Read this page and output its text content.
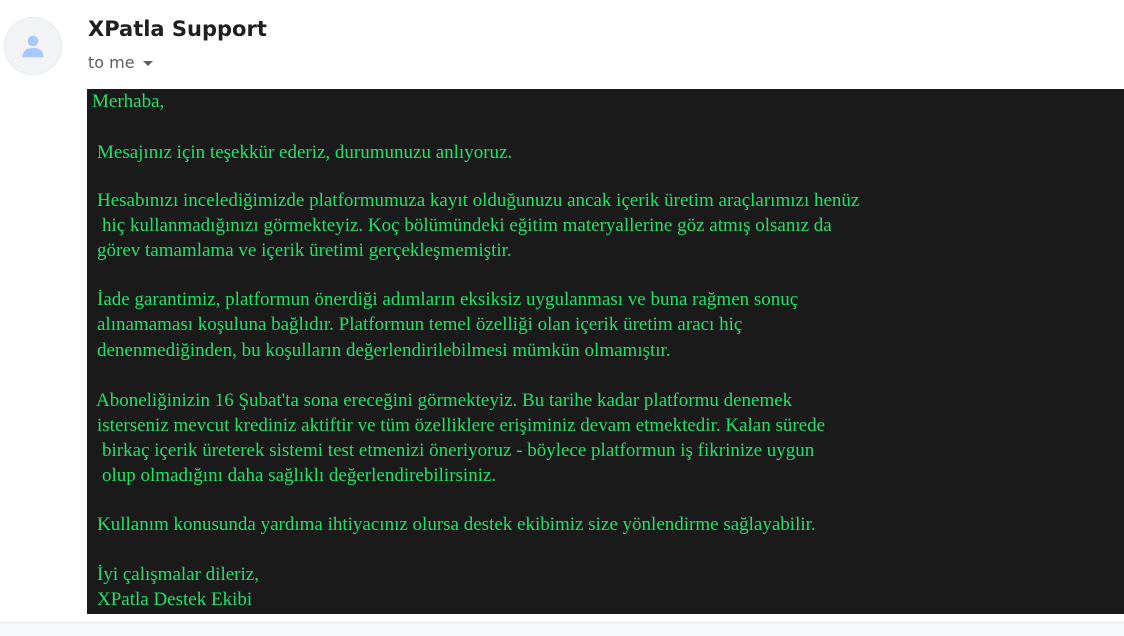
XPatla Support
to me
Merhaba,
Mesajınız için teşekkür ederiz, durumunuzu anlıyoruz.
Hesabınızı incelediğimizde platformumuza kayıt olduğunuzu ancak içerik üretim araçlarımızı henüz
hiç kullanmadığınızı görmekteyiz. Koç bölümündeki eğitim materyallerine göz atmış olsanız da
görev tamamlama ve içerik üretimi gerçekleşmemiştir.
İade garantimiz, platformun önerdiği adımların eksiksiz uygulanması ve buna rağmen sonuç
alınamaması koşuluna bağlıdır. Platformun temel özelliği olan içerik üretim aracı hiç
denenmediğinden, bu koşulların değerlendirilebilmesi mümkün olmamıştır.
Aboneliğinizin 16 Şubat'ta sona ereceğini görmekteyiz. Bu tarihe kadar platformu denemek
isterseniz mevcut krediniz aktiftir ve tüm özelliklere erişiminiz devam etmektedir. Kalan sürede
birkaç içerik üreterek sistemi test etmenizi öneriyoruz - böylece platformun iş fikrinize uygun
olup olmadığını daha sağlıklı değerlendirebilirsiniz.
Kullanım konusunda yardıma ihtiyacınız olursa destek ekibimiz size yönlendirme sağlayabilir.
İyi çalışmalar dileriz,
XPatla Destek Ekibi
